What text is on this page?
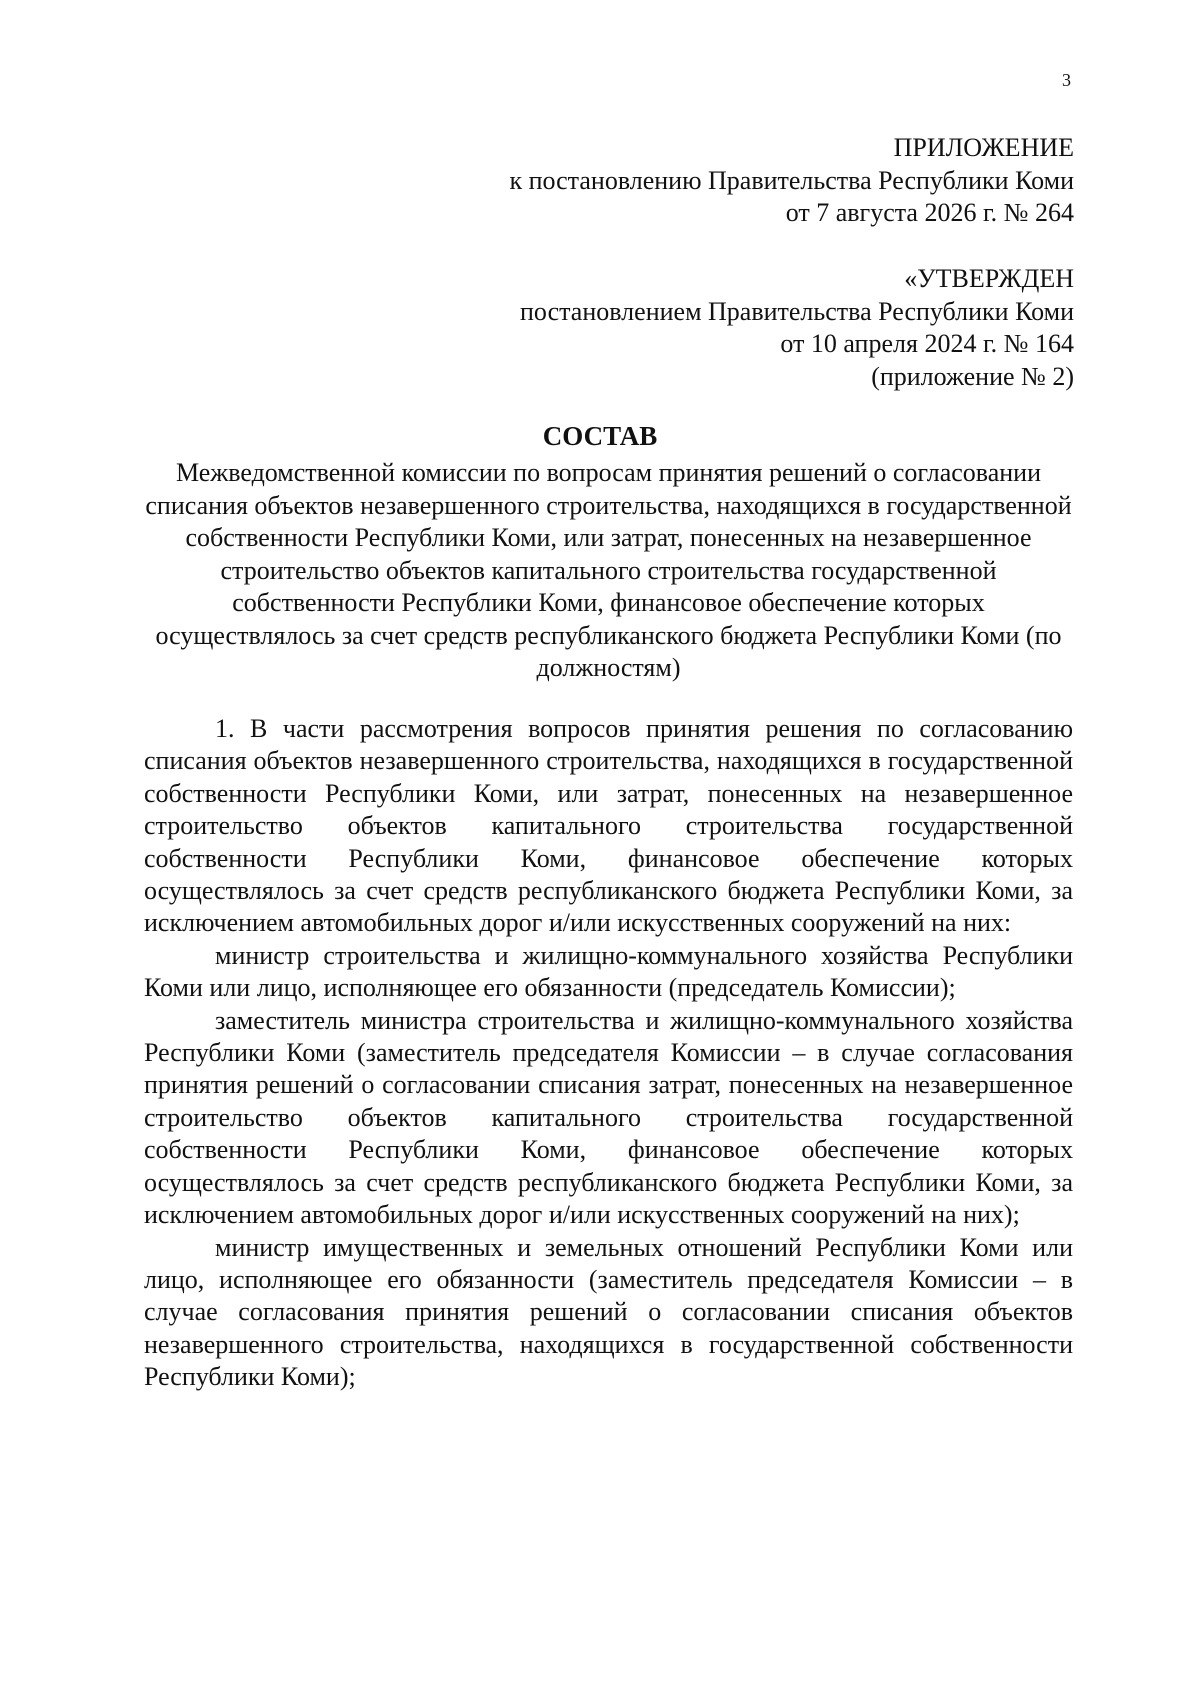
3
ПРИЛОЖЕНИЕ
к постановлению Правительства Республики Коми
от 7 августа 2026 г. № 264
«УТВЕРЖДЕН
постановлением Правительства Республики Коми
от 10 апреля 2024 г. № 164
(приложение № 2)
СОСТАВ
Межведомственной комиссии по вопросам принятия решений о согласовании списания объектов незавершенного строительства, находящихся в государственной собственности Республики Коми, или затрат, понесенных на незавершенное строительство объектов капитального строительства государственной собственности Республики Коми, финансовое обеспечение которых осуществлялось за счет средств республиканского бюджета Республики Коми (по должностям)

1. В части рассмотрения вопросов принятия решения по согласованию списания объектов незавершенного строительства, находящихся в государственной собственности Республики Коми, или затрат, понесенных на незавершенное строительство объектов капитального строительства государственной собственности Республики Коми, финансовое обеспечение которых осуществлялось за счет средств республиканского бюджета Республики Коми, за исключением автомобильных дорог и/или искусственных сооружений на них:

министр строительства и жилищно-коммунального хозяйства Республики Коми или лицо, исполняющее его обязанности (председатель Комиссии);

заместитель министра строительства и жилищно-коммунального хозяйства Республики Коми (заместитель председателя Комиссии – в случае согласования принятия решений о согласовании списания затрат, понесенных на незавершенное строительство объектов капитального строительства государственной собственности Республики Коми, финансовое обеспечение которых осуществлялось за счет средств республиканского бюджета Республики Коми, за исключением автомобильных дорог и/или искусственных сооружений на них);

министр имущественных и земельных отношений Республики Коми или лицо, исполняющее его обязанности (заместитель председателя Комиссии – в случае согласования принятия решений о согласовании списания объектов незавершенного строительства, находящихся в государственной собственности Республики Коми);
